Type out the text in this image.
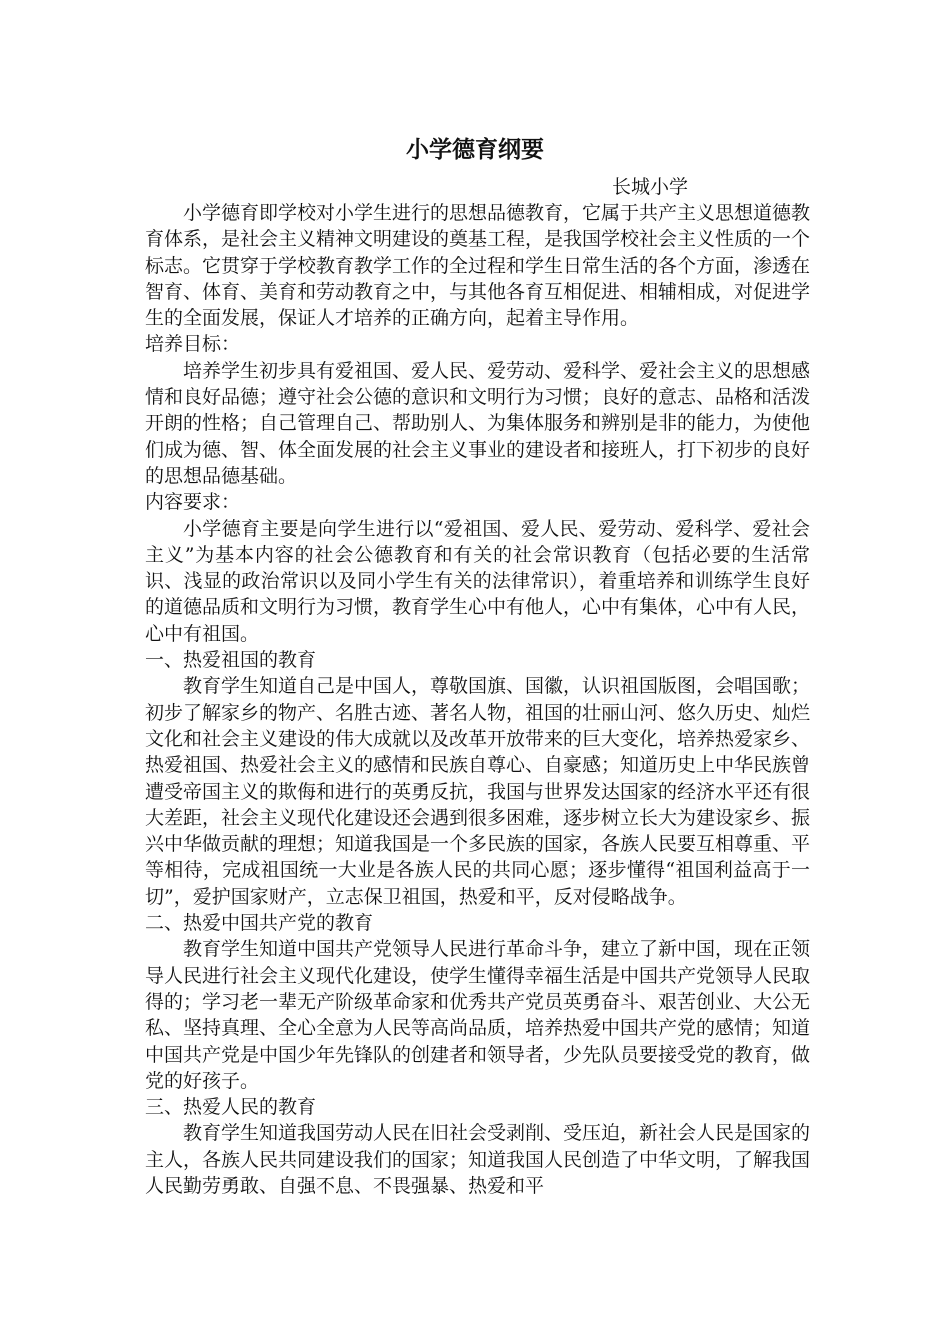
小学德育纲要
长城小学

小学德育即学校对小学生进行的思想品德教育，它属于共产主义思想道德教育体系，是社会主义精神文明建设的奠基工程，是我国学校社会主义性质的一个标志。它贯穿于学校教育教学工作的全过程和学生日常生活的各个方面，渗透在智育、体育、美育和劳动教育之中，与其他各育互相促进、相辅相成，对促进学生的全面发展，保证人才培养的正确方向，起着主导作用。

培养目标：

培养学生初步具有爱祖国、爱人民、爱劳动、爱科学、爱社会主义的思想感情和良好品德；遵守社会公德的意识和文明行为习惯；良好的意志、品格和活泼开朗的性格；自己管理自己、帮助别人、为集体服务和辨别是非的能力，为使他们成为德、智、体全面发展的社会主义事业的建设者和接班人，打下初步的良好的思想品德基础。

内容要求：

小学德育主要是向学生进行以“爱祖国、爱人民、爱劳动、爱科学、爱社会主义”为基本内容的社会公德教育和有关的社会常识教育（包括必要的生活常识、浅显的政治常识以及同小学生有关的法律常识），着重培养和训练学生良好的道德品质和文明行为习惯，教育学生心中有他人，心中有集体，心中有人民，心中有祖国。

一、热爱祖国的教育

教育学生知道自己是中国人，尊敬国旗、国徽，认识祖国版图，会唱国歌；初步了解家乡的物产、名胜古迹、著名人物，祖国的壮丽山河、悠久历史、灿烂文化和社会主义建设的伟大成就以及改革开放带来的巨大变化，培养热爱家乡、热爱祖国、热爱社会主义的感情和民族自尊心、自豪感；知道历史上中华民族曾遭受帝国主义的欺侮和进行的英勇反抗，我国与世界发达国家的经济水平还有很大差距，社会主义现代化建设还会遇到很多困难，逐步树立长大为建设家乡、振兴中华做贡献的理想；知道我国是一个多民族的国家，各族人民要互相尊重、平等相待，完成祖国统一大业是各族人民的共同心愿；逐步懂得“祖国利益高于一切”，爱护国家财产，立志保卫祖国，热爱和平，反对侵略战争。

二、热爱中国共产党的教育

教育学生知道中国共产党领导人民进行革命斗争，建立了新中国，现在正领导人民进行社会主义现代化建设，使学生懂得幸福生活是中国共产党领导人民取得的；学习老一辈无产阶级革命家和优秀共产党员英勇奋斗、艰苦创业、大公无私、坚持真理、全心全意为人民等高尚品质，培养热爱中国共产党的感情；知道中国共产党是中国少年先锋队的创建者和领导者，少先队员要接受党的教育，做党的好孩子。

三、热爱人民的教育

教育学生知道我国劳动人民在旧社会受剥削、受压迫，新社会人民是国家的主人，各族人民共同建设我们的国家；知道我国人民创造了中华文明，了解我国人民勤劳勇敢、自强不息、不畏强暴、热爱和平
